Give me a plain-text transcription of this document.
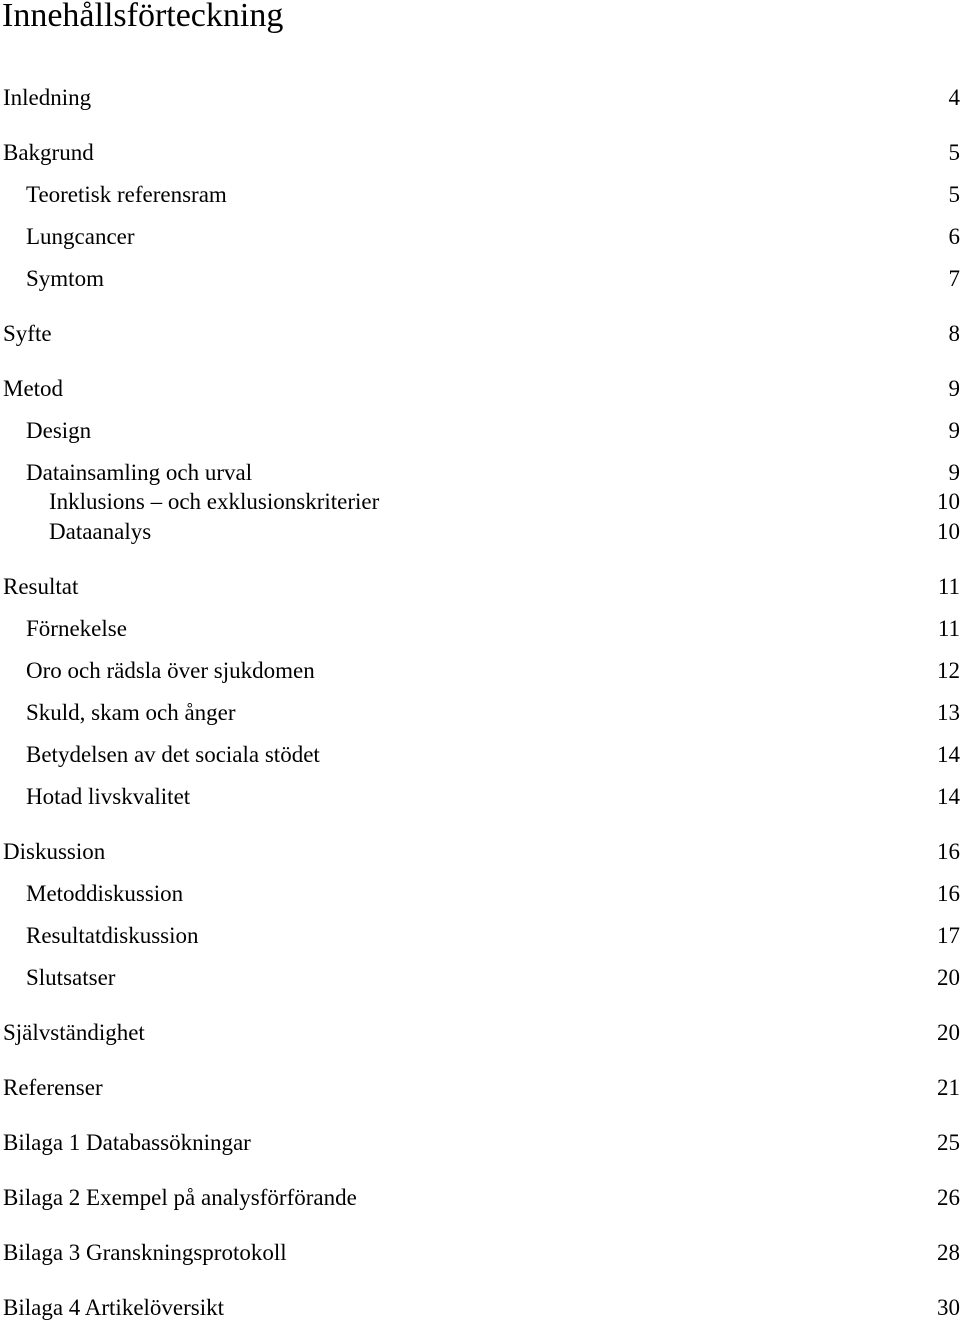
Innehållsförteckning
Inledning	4
Bakgrund	5
Teoretisk referensram	5
Lungcancer	6
Symtom	7
Syfte	8
Metod	9
Design	9
Datainsamling och urval	9
Inklusions – och exklusionskriterier	10
Dataanalys	10
Resultat	11
Förnekelse	11
Oro och rädsla över sjukdomen	12
Skuld, skam och ånger	13
Betydelsen av det sociala stödet	14
Hotad livskvalitet	14
Diskussion	16
Metoddiskussion	16
Resultatdiskussion	17
Slutsatser	20
Självständighet	20
Referenser	21
Bilaga 1 Databassökningar	25
Bilaga 2 Exempel på analysförförande	26
Bilaga 3 Granskningsprotokoll	28
Bilaga 4 Artikelöversikt	30
